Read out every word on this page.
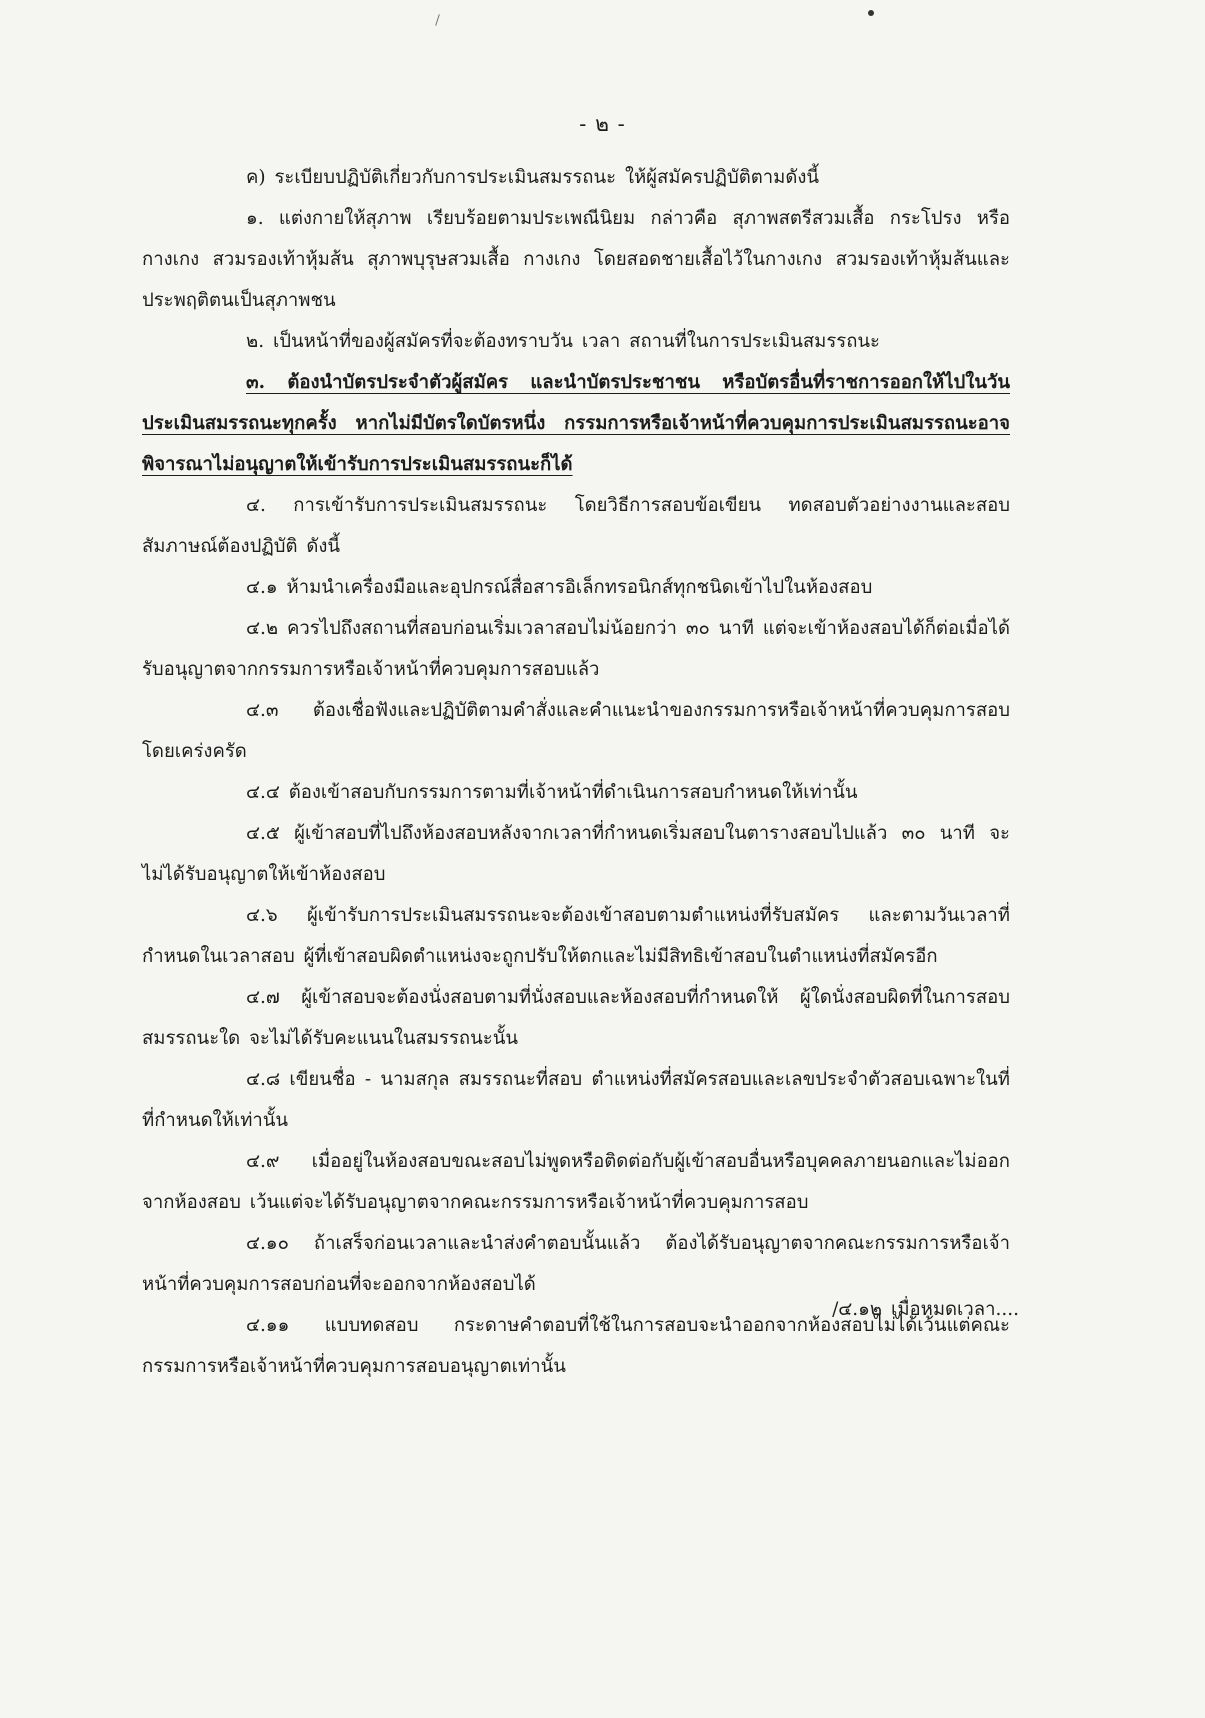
- ๒ -

ค) ระเบียบปฏิบัติเกี่ยวกับการประเมินสมรรถนะ ให้ผู้สมัครปฏิบัติตามดังนี้

๑. แต่งกายให้สุภาพ เรียบร้อยตามประเพณีนิยม กล่าวคือ สุภาพสตรีสวมเสื้อ กระโปรง หรือกางเกง สวมรองเท้าหุ้มส้น สุภาพบุรุษสวมเสื้อ กางเกง โดยสอดชายเสื้อไว้ในกางเกง สวมรองเท้าหุ้มส้นและประพฤติตนเป็นสุภาพชน

๒. เป็นหน้าที่ของผู้สมัครที่จะต้องทราบวัน เวลา สถานที่ในการประเมินสมรรถนะ

๓. ต้องนำบัตรประจำตัวผู้สมัคร และนำบัตรประชาชน หรือบัตรอื่นที่ราชการออกให้ไปในวันประเมินสมรรถนะทุกครั้ง หากไม่มีบัตรใดบัตรหนึ่ง กรรมการหรือเจ้าหน้าที่ควบคุมการประเมินสมรรถนะอาจพิจารณาไม่อนุญาตให้เข้ารับการประเมินสมรรถนะก็ได้

๔. การเข้ารับการประเมินสมรรถนะ โดยวิธีการสอบข้อเขียน ทดสอบตัวอย่างงานและสอบสัมภาษณ์ต้องปฏิบัติ ดังนี้

๔.๑ ห้ามนำเครื่องมือและอุปกรณ์สื่อสารอิเล็กทรอนิกส์ทุกชนิดเข้าไปในห้องสอบ

๔.๒ ควรไปถึงสถานที่สอบก่อนเริ่มเวลาสอบไม่น้อยกว่า ๓๐ นาที แต่จะเข้าห้องสอบได้ก็ต่อเมื่อได้รับอนุญาตจากกรรมการหรือเจ้าหน้าที่ควบคุมการสอบแล้ว

๔.๓ ต้องเชื่อฟังและปฏิบัติตามคำสั่งและคำแนะนำของกรรมการหรือเจ้าหน้าที่ควบคุมการสอบโดยเคร่งครัด

๔.๔ ต้องเข้าสอบกับกรรมการตามที่เจ้าหน้าที่ดำเนินการสอบกำหนดให้เท่านั้น

๔.๕ ผู้เข้าสอบที่ไปถึงห้องสอบหลังจากเวลาที่กำหนดเริ่มสอบในตารางสอบไปแล้ว ๓๐ นาที จะไม่ได้รับอนุญาตให้เข้าห้องสอบ

๔.๖ ผู้เข้ารับการประเมินสมรรถนะจะต้องเข้าสอบตามตำแหน่งที่รับสมัคร และตามวันเวลาที่กำหนดในเวลาสอบ ผู้ที่เข้าสอบผิดตำแหน่งจะถูกปรับให้ตกและไม่มีสิทธิเข้าสอบในตำแหน่งที่สมัครอีก

๔.๗ ผู้เข้าสอบจะต้องนั่งสอบตามที่นั่งสอบและห้องสอบที่กำหนดให้ ผู้ใดนั่งสอบผิดที่ในการสอบสมรรถนะใด จะไม่ได้รับคะแนนในสมรรถนะนั้น

๔.๘ เขียนชื่อ - นามสกุล สมรรถนะที่สอบ ตำแหน่งที่สมัครสอบและเลขประจำตัวสอบเฉพาะในที่ที่กำหนดให้เท่านั้น

๔.๙ เมื่ออยู่ในห้องสอบขณะสอบไม่พูดหรือติดต่อกับผู้เข้าสอบอื่นหรือบุคคลภายนอกและไม่ออกจากห้องสอบ เว้นแต่จะได้รับอนุญาตจากคณะกรรมการหรือเจ้าหน้าที่ควบคุมการสอบ

๔.๑๐ ถ้าเสร็จก่อนเวลาและนำส่งคำตอบนั้นแล้ว ต้องได้รับอนุญาตจากคณะกรรมการหรือเจ้าหน้าที่ควบคุมการสอบก่อนที่จะออกจากห้องสอบได้

๔.๑๑ แบบทดสอบ กระดาษคำตอบที่ใช้ในการสอบจะนำออกจากห้องสอบไม่ได้เว้นแต่คณะกรรมการหรือเจ้าหน้าที่ควบคุมการสอบอนุญาตเท่านั้น

/๔.๑๒ เมื่อหมดเวลา....
